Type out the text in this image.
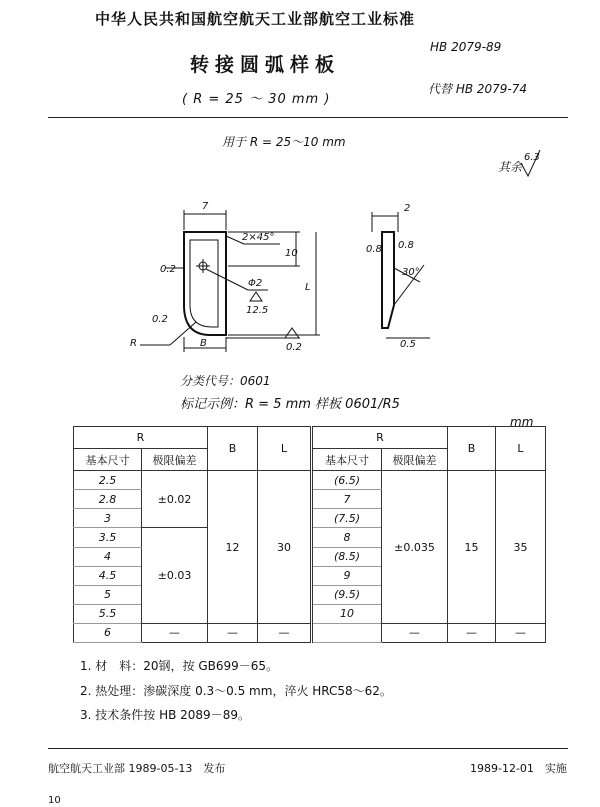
中华人民共和国航空航天工业部航空工业标准
转接圆弧样板
( R = 25 ～ 30 mm )
HB 2079-89
代替 HB 2079-74
用于 R = 25～10 mm
其余
6.3
7
2×45°
10
L
0.2
Φ2
12.5
R	B
0.2
0.2
2
0.8 0.8
30°
0.5
分类代号：0601
标记示例：R = 5 mm 样板 0601/R5
mm
R		B	L	R		B	L
基本尺寸	极限偏差			基本尺寸	极限偏差		
2.5	±0.02	12	30	(6.5)	±0.035	15	35
2.8				7			
3				(7.5)			
3.5	±0.03			8			
4				(8.5)			
4.5				9			
5				(9.5)			
5.5				10			
6	—	—	—		—	—	—
1. 材　料：20钢，按 GB699－65。
2. 热处理：渗碳深度 0.3～0.5 mm，淬火 HRC58～62。
3. 技术条件按 HB 2089－89。
航空航天工业部 1989-05-13　发布	1989-12-01　实施
10
